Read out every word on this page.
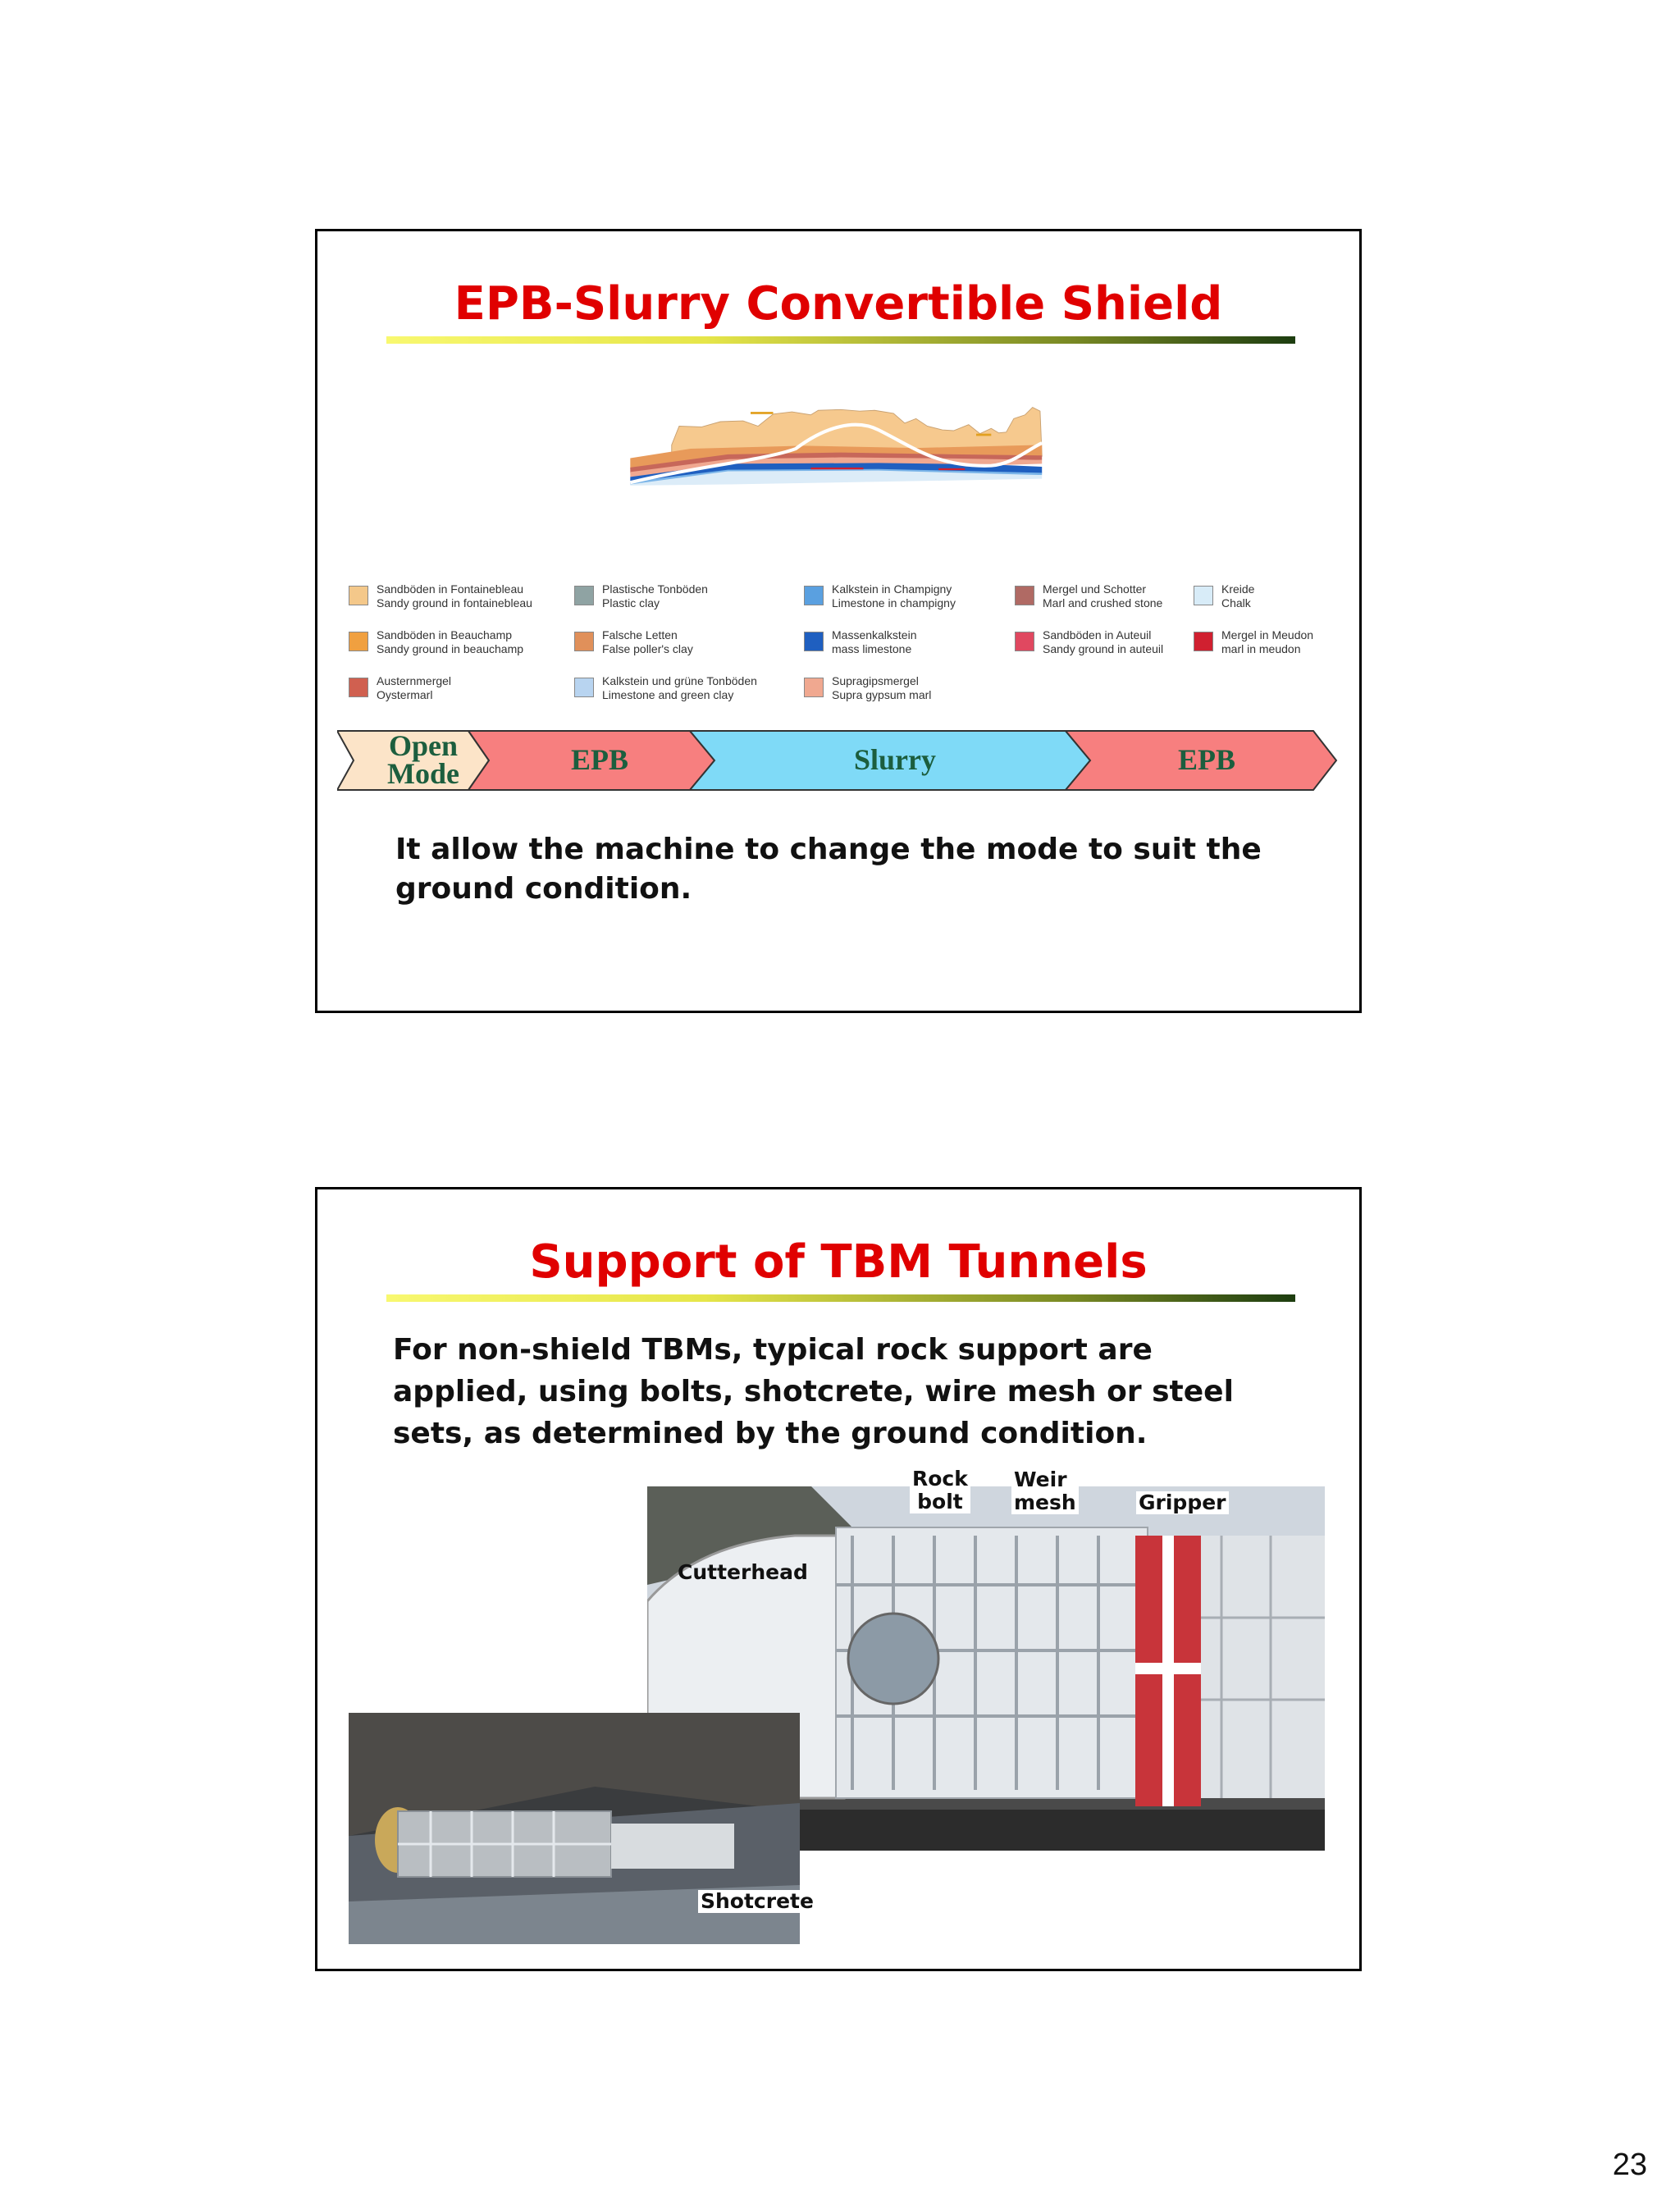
EPB-Slurry Convertible Shield
Sandböden in Fontainebleau
Sandy ground in fontainebleau
Plastische Tonböden
Plastic clay
Kalkstein in Champigny
Limestone in champigny
Mergel und Schotter
Marl and crushed stone
Kreide
Chalk
Sandböden in Beauchamp
Sandy ground in beauchamp
Falsche Letten
False poller's clay
Massenkalkstein
mass limestone
Sandböden in Auteuil
Sandy ground in auteuil
Mergel in Meudon
marl in meudon
Austernmergel
Oystermarl
Kalkstein und grüne Tonböden
Limestone and green clay
Supragipsmergel
Supra gypsum marl
Open
Mode	EPB	Slurry	EPB
It allow the machine to change the mode to suit the ground condition.
Support of TBM Tunnels
For non-shield TBMs, typical rock support are applied, using bolts, shotcrete, wire mesh or steel sets, as determined by the ground condition.
Rock
bolt
Weir
mesh	Gripper
Cutterhead
Shotcrete
23
